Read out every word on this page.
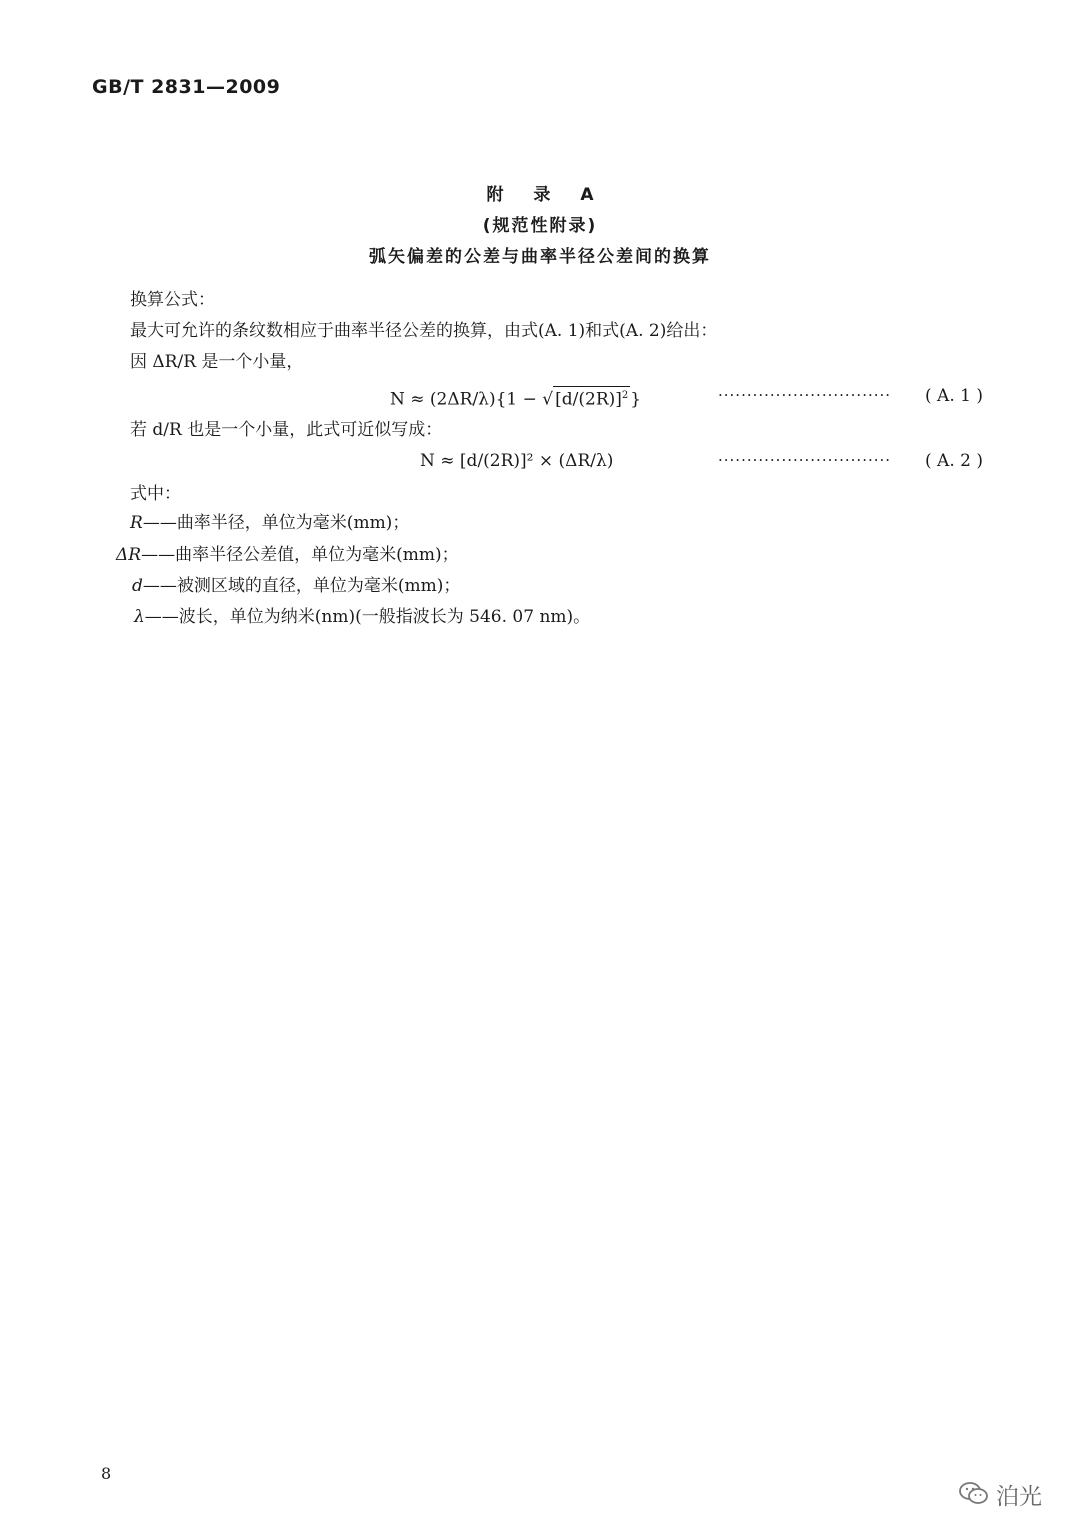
GB/T 2831—2009
附 录 A
(规范性附录)
弧矢偏差的公差与曲率半径公差间的换算
换算公式：
最大可允许的条纹数相应于曲率半径公差的换算，由式(A. 1)和式(A. 2)给出：
因 ΔR/R 是一个小量，
N ≈ (2ΔR/λ){1 − √ $[d/(2R)]^2$ }	······························	( A. 1 )
若 d/R 也是一个小量，此式可近似写成：
N ≈ [d/(2R)]² × (ΔR/λ)	······························	( A. 2 )
式中：
R——曲率半径，单位为毫米(mm)；
ΔR——曲率半径公差值，单位为毫米(mm)；
d——被测区域的直径，单位为毫米(mm)；
λ——波长，单位为纳米(nm)(一般指波长为 546. 07 nm)。
8
泊光
